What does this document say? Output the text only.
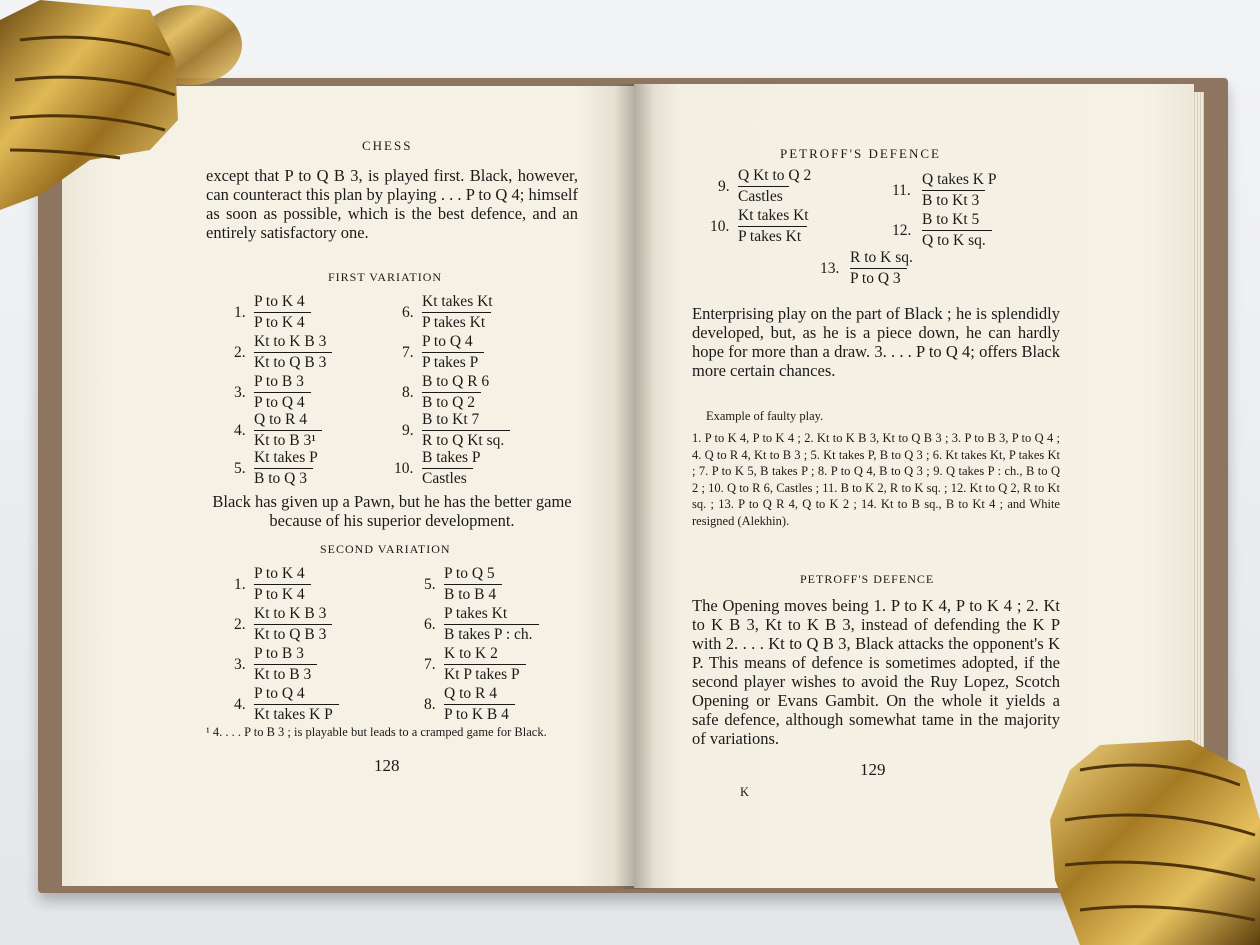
CHESS
except that P to Q B 3, is played first. Black, however, can counteract this plan by playing . . . P to Q 4; himself as soon as possible, which is the best defence, and an entirely satisfactory one.
FIRST VARIATION
1.
P to K 4
P to K 4
2.
Kt to K B 3
Kt to Q B 3
3.
P to B 3
P to Q 4
4.
Q to R 4
Kt to B 3¹
5.
Kt takes P
B to Q 3
6.
Kt takes Kt
P takes Kt
7.
P to Q 4
P takes P
8.
B to Q R 6
B to Q 2
9.
B to Kt 7
R to Q Kt sq.
10.
B takes P
Castles
Black has given up a Pawn, but he has the better game because of his superior development.
SECOND VARIATION
1.
P to K 4
P to K 4
2.
Kt to K B 3
Kt to Q B 3
3.
P to B 3
Kt to B 3
4.
P to Q 4
Kt takes K P
5.
P to Q 5
B to B 4
6.
P takes Kt
B takes P : ch.
7.
K to K 2
Kt P takes P
8.
Q to R 4
P to K B 4
¹ 4. . . . P to B 3 ; is playable but leads to a cramped game for Black.
128
PETROFF'S DEFENCE
9.
Q Kt to Q 2
Castles
10.
Kt takes Kt
P takes Kt
11.
Q takes K P
B to Kt 3
12.
B to Kt 5
Q to K sq.
13.
R to K sq.
P to Q 3
Enterprising play on the part of Black ; he is splendidly developed, but, as he is a piece down, he can hardly hope for more than a draw. 3. . . . P to Q 4; offers Black more certain chances.
Example of faulty play.
1. P to K 4, P to K 4 ; 2. Kt to K B 3, Kt to Q B 3 ; 3. P to B 3, P to Q 4 ; 4. Q to R 4, Kt to B 3 ; 5. Kt takes P, B to Q 3 ; 6. Kt takes Kt, P takes Kt ; 7. P to K 5, B takes P ; 8. P to Q 4, B to Q 3 ; 9. Q takes P : ch., B to Q 2 ; 10. Q to R 6, Castles ; 11. B to K 2, R to K sq. ; 12. Kt to Q 2, R to Kt sq. ; 13. P to Q R 4, Q to K 2 ; 14. Kt to B sq., B to Kt 4 ; and White resigned (Alekhin).
PETROFF'S DEFENCE
The Opening moves being 1. P to K 4, P to K 4 ; 2. Kt to K B 3, Kt to K B 3, instead of defending the K P with 2. . . . Kt to Q B 3, Black attacks the opponent's K P. This means of defence is sometimes adopted, if the second player wishes to avoid the Ruy Lopez, Scotch Opening or Evans Gambit. On the whole it yields a safe defence, although somewhat tame in the majority of variations.
129
K
